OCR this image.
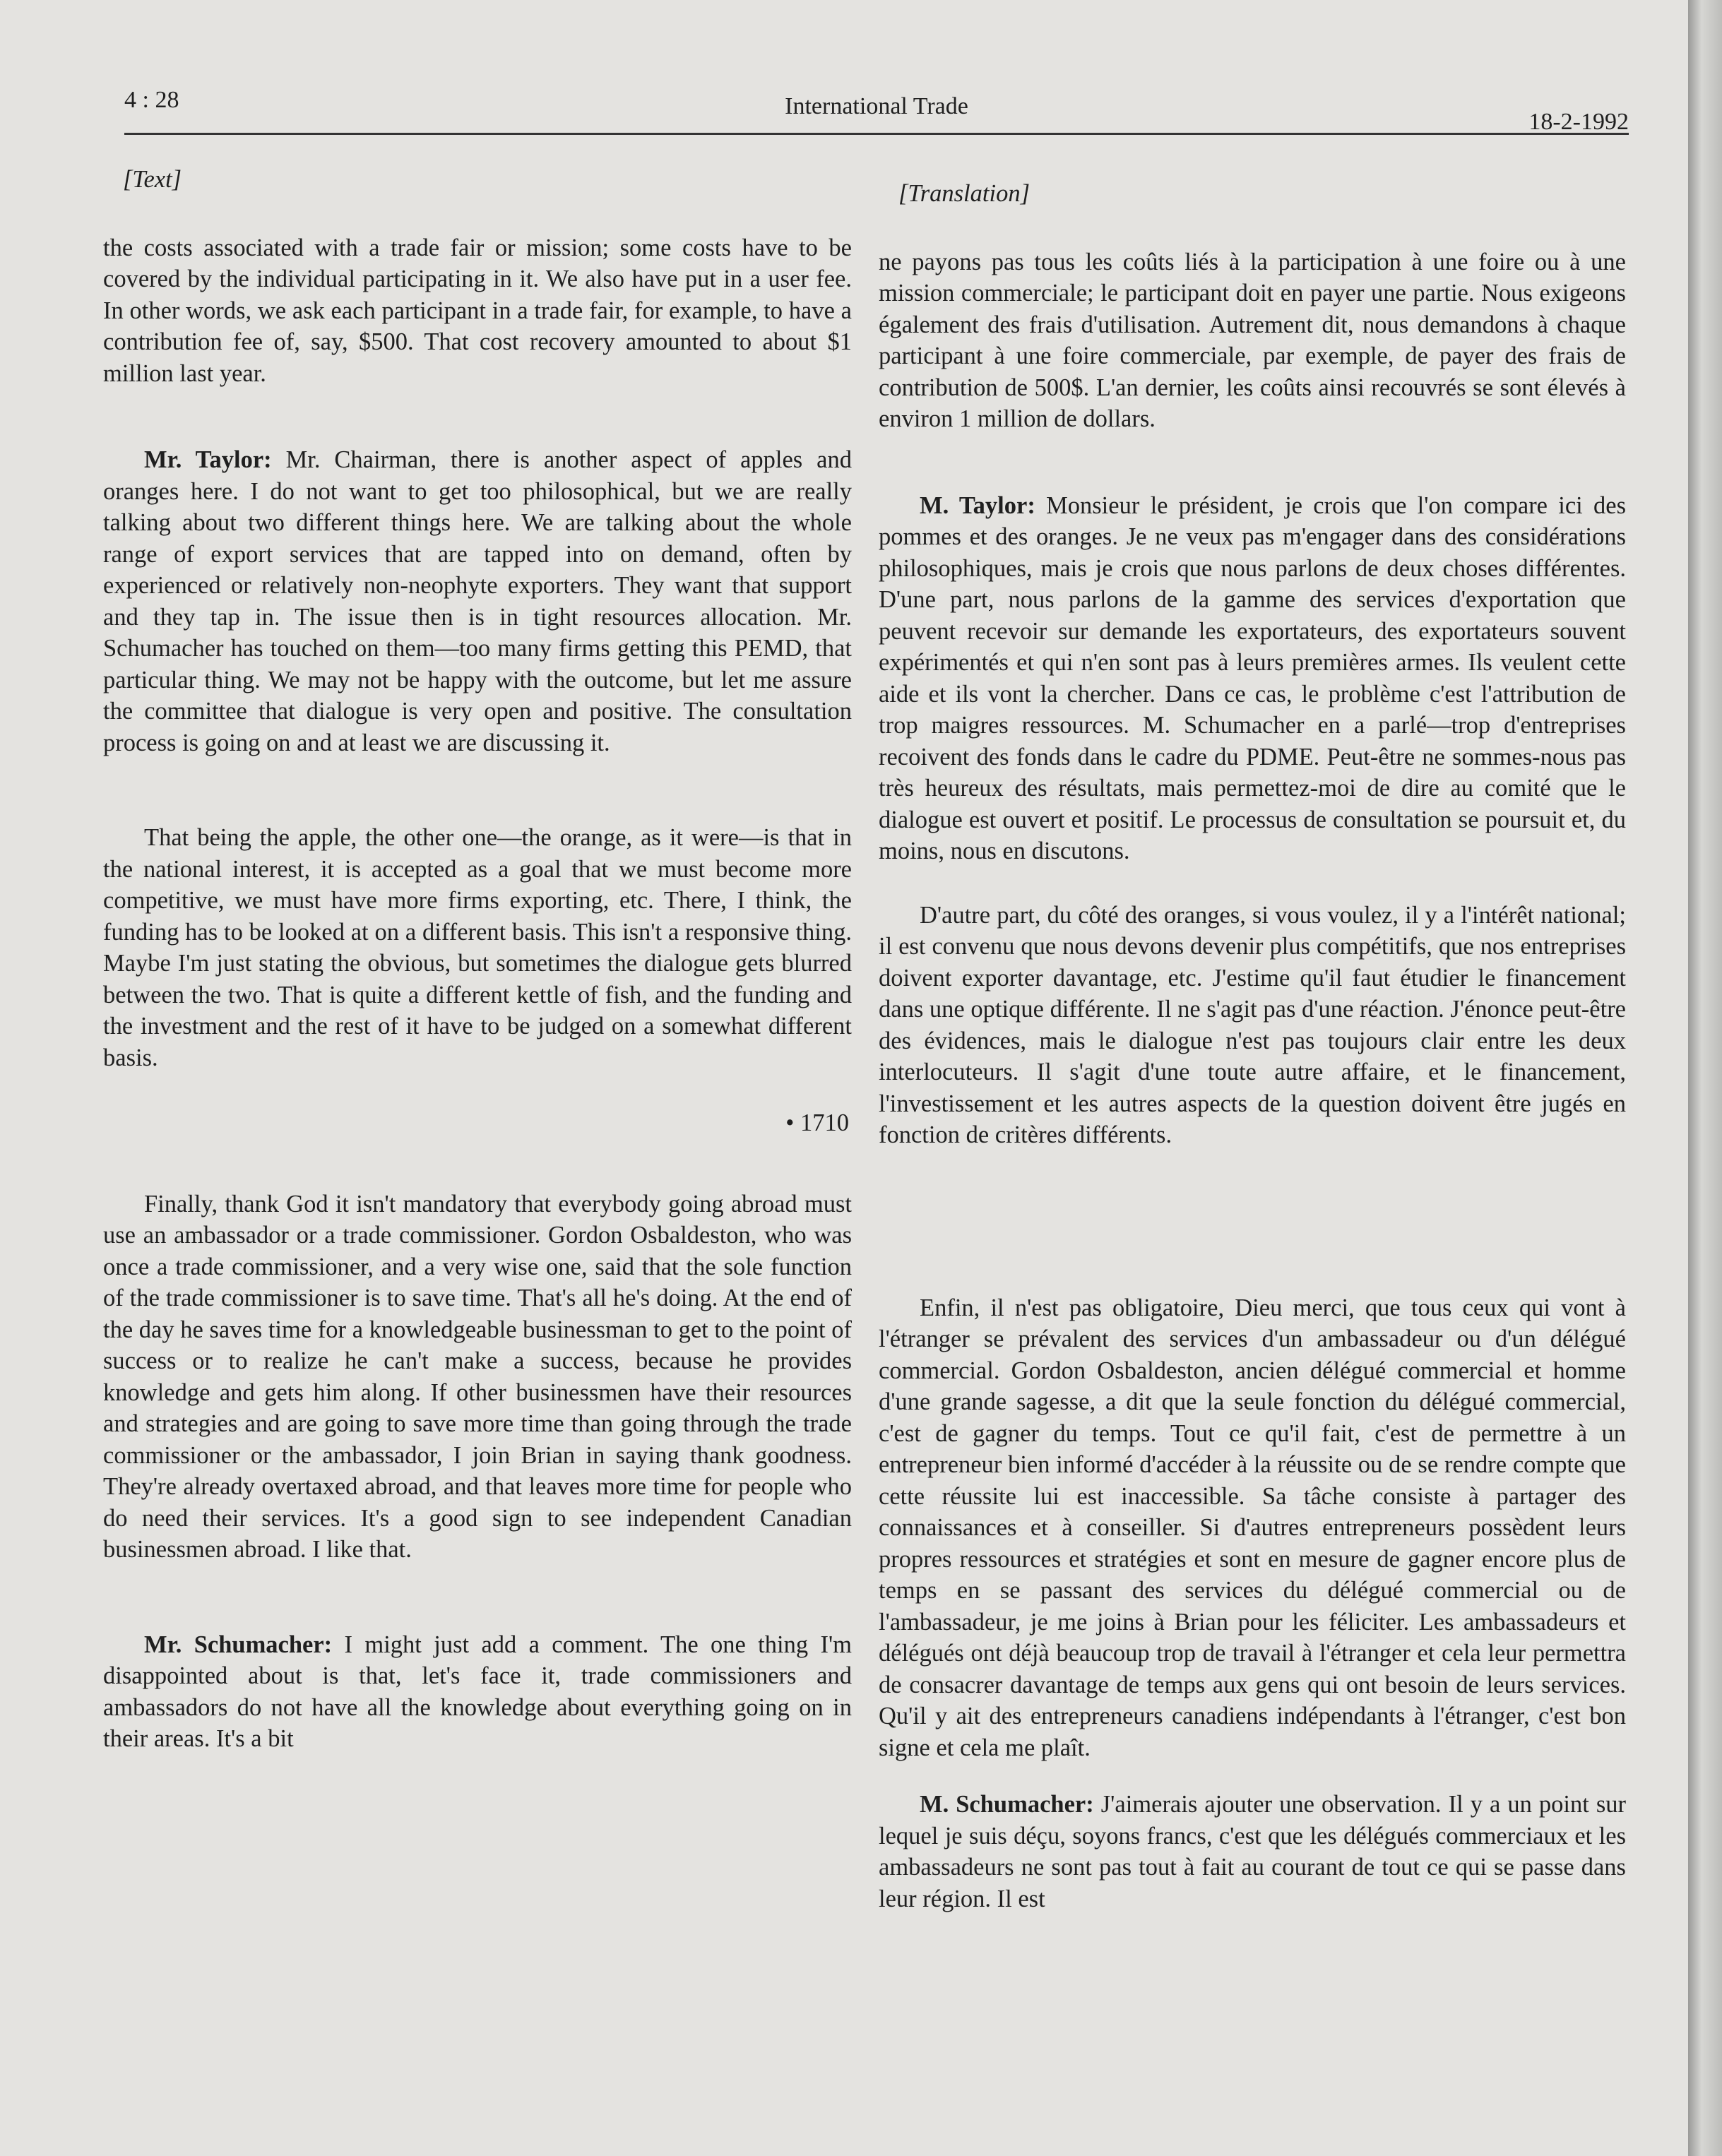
4 : 28	International Trade
18-2-1992
[Text]

the costs associated with a trade fair or mission; some costs have to be covered by the individual participating in it. We also have put in a user fee. In other words, we ask each participant in a trade fair, for example, to have a contribution fee of, say, $500. That cost recovery amounted to about $1 million last year.

Mr. Taylor: Mr. Chairman, there is another aspect of apples and oranges here. I do not want to get too philosophical, but we are really talking about two different things here. We are talking about the whole range of export services that are tapped into on demand, often by experienced or relatively non-neophyte exporters. They want that support and they tap in. The issue then is in tight resources allocation. Mr. Schumacher has touched on them—too many firms getting this PEMD, that particular thing. We may not be happy with the outcome, but let me assure the committee that dialogue is very open and positive. The consultation process is going on and at least we are discussing it.

That being the apple, the other one—the orange, as it were—is that in the national interest, it is accepted as a goal that we must become more competitive, we must have more firms exporting, etc. There, I think, the funding has to be looked at on a different basis. This isn't a responsive thing. Maybe I'm just stating the obvious, but sometimes the dialogue gets blurred between the two. That is quite a different kettle of fish, and the funding and the investment and the rest of it have to be judged on a somewhat different basis.

• 1710

Finally, thank God it isn't mandatory that everybody going abroad must use an ambassador or a trade commissioner. Gordon Osbaldeston, who was once a trade commissioner, and a very wise one, said that the sole function of the trade commissioner is to save time. That's all he's doing. At the end of the day he saves time for a knowledgeable businessman to get to the point of success or to realize he can't make a success, because he provides knowledge and gets him along. If other businessmen have their resources and strategies and are going to save more time than going through the trade commissioner or the ambassador, I join Brian in saying thank goodness. They're already overtaxed abroad, and that leaves more time for people who do need their services. It's a good sign to see independent Canadian businessmen abroad. I like that.

Mr. Schumacher: I might just add a comment. The one thing I'm disappointed about is that, let's face it, trade commissioners and ambassadors do not have all the knowledge about everything going on in their areas. It's a bit

[Translation]

ne payons pas tous les coûts liés à la participation à une foire ou à une mission commerciale; le participant doit en payer une partie. Nous exigeons également des frais d'utilisation. Autrement dit, nous demandons à chaque participant à une foire commerciale, par exemple, de payer des frais de contribution de 500$. L'an dernier, les coûts ainsi recouvrés se sont élevés à environ 1 million de dollars.

M. Taylor: Monsieur le président, je crois que l'on compare ici des pommes et des oranges. Je ne veux pas m'engager dans des considérations philosophiques, mais je crois que nous parlons de deux choses différentes. D'une part, nous parlons de la gamme des services d'exportation que peuvent recevoir sur demande les exportateurs, des exportateurs souvent expérimentés et qui n'en sont pas à leurs premières armes. Ils veulent cette aide et ils vont la chercher. Dans ce cas, le problème c'est l'attribution de trop maigres ressources. M. Schumacher en a parlé—trop d'entreprises recoivent des fonds dans le cadre du PDME. Peut-être ne sommes-nous pas très heureux des résultats, mais permettez-moi de dire au comité que le dialogue est ouvert et positif. Le processus de consultation se poursuit et, du moins, nous en discutons.

D'autre part, du côté des oranges, si vous voulez, il y a l'intérêt national; il est convenu que nous devons devenir plus compétitifs, que nos entreprises doivent exporter davantage, etc. J'estime qu'il faut étudier le financement dans une optique différente. Il ne s'agit pas d'une réaction. J'énonce peut-être des évidences, mais le dialogue n'est pas toujours clair entre les deux interlocuteurs. Il s'agit d'une toute autre affaire, et le financement, l'investissement et les autres aspects de la question doivent être jugés en fonction de critères différents.

Enfin, il n'est pas obligatoire, Dieu merci, que tous ceux qui vont à l'étranger se prévalent des services d'un ambassadeur ou d'un délégué commercial. Gordon Osbaldeston, ancien délégué commercial et homme d'une grande sagesse, a dit que la seule fonction du délégué commercial, c'est de gagner du temps. Tout ce qu'il fait, c'est de permettre à un entrepreneur bien informé d'accéder à la réussite ou de se rendre compte que cette réussite lui est inaccessible. Sa tâche consiste à partager des connaissances et à conseiller. Si d'autres entrepreneurs possèdent leurs propres ressources et stratégies et sont en mesure de gagner encore plus de temps en se passant des services du délégué commercial ou de l'ambassadeur, je me joins à Brian pour les féliciter. Les ambassadeurs et délégués ont déjà beaucoup trop de travail à l'étranger et cela leur permettra de consacrer davantage de temps aux gens qui ont besoin de leurs services. Qu'il y ait des entrepreneurs canadiens indépendants à l'étranger, c'est bon signe et cela me plaît.

M. Schumacher: J'aimerais ajouter une observation. Il y a un point sur lequel je suis déçu, soyons francs, c'est que les délégués commerciaux et les ambassadeurs ne sont pas tout à fait au courant de tout ce qui se passe dans leur région. Il est
